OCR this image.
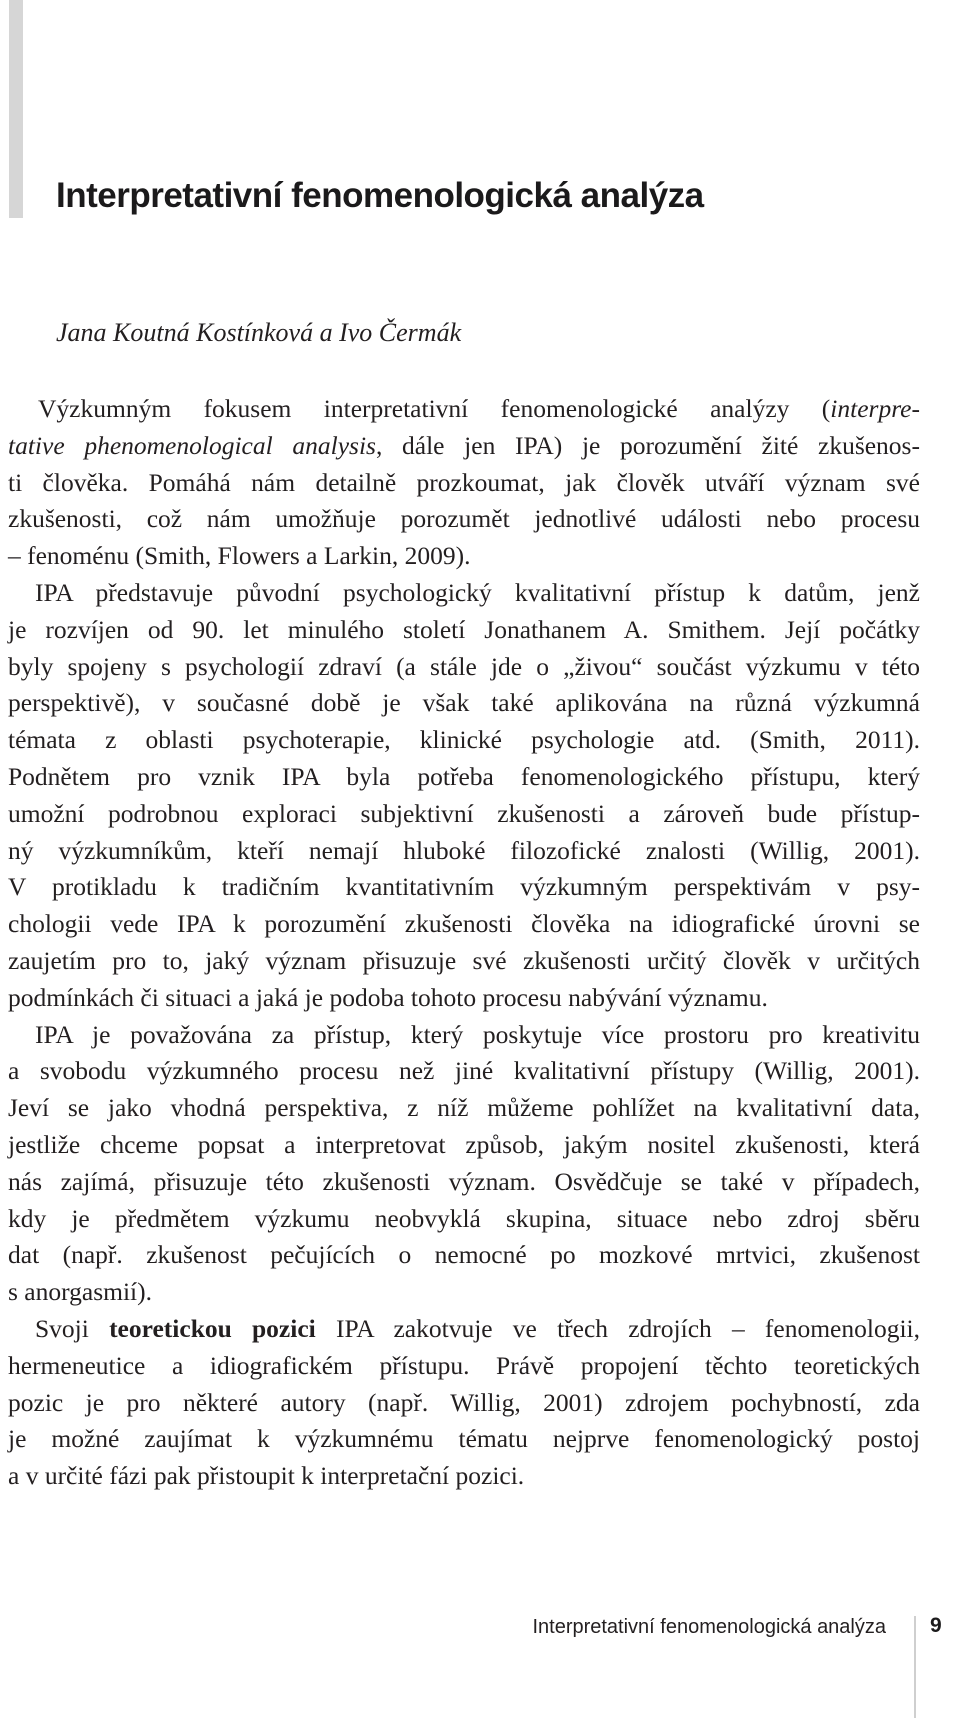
Interpretativní fenomenologická analýza

Jana Koutná Kostínková a Ivo Čermák

Výzkumným fokusem interpretativní fenomenologické analýzy (interpre-
tative phenomenological analysis, dále jen IPA) je porozumění žité zkušenos-
ti člověka. Pomáhá nám detailně prozkoumat, jak člověk utváří význam své
zkušenosti, což nám umožňuje porozumět jednotlivé události nebo procesu
– fenoménu (Smith, Flowers a Larkin, 2009).
IPA představuje původní psychologický kvalitativní přístup k datům, jenž
je rozvíjen od 90. let minulého století Jonathanem A. Smithem. Její počátky
byly spojeny s psychologií zdraví (a stále jde o „živou“ součást výzkumu v této
perspektivě), v současné době je však také aplikována na různá výzkumná
témata z oblasti psychoterapie, klinické psychologie atd. (Smith, 2011).
Podnětem pro vznik IPA byla potřeba fenomenologického přístupu, který
umožní podrobnou exploraci subjektivní zkušenosti a zároveň bude přístup-
ný výzkumníkům, kteří nemají hluboké filozofické znalosti (Willig, 2001).
V protikladu k tradičním kvantitativním výzkumným perspektivám v psy-
chologii vede IPA k porozumění zkušenosti člověka na idiografické úrovni se
zaujetím pro to, jaký význam přisuzuje své zkušenosti určitý člověk v určitých
podmínkách či situaci a jaká je podoba tohoto procesu nabývání významu.
IPA je považována za přístup, který poskytuje více prostoru pro kreativitu
a svobodu výzkumného procesu než jiné kvalitativní přístupy (Willig, 2001).
Jeví se jako vhodná perspektiva, z níž můžeme pohlížet na kvalitativní data,
jestliže chceme popsat a interpretovat způsob, jakým nositel zkušenosti, která
nás zajímá, přisuzuje této zkušenosti význam. Osvědčuje se také v případech,
kdy je předmětem výzkumu neobvyklá skupina, situace nebo zdroj sběru
dat (např. zkušenost pečujících o nemocné po mozkové mrtvici, zkušenost
s anorgasmií).
Svoji teoretickou pozici IPA zakotvuje ve třech zdrojích – fenomenologii,
hermeneutice a idiografickém přístupu. Právě propojení těchto teoretických
pozic je pro některé autory (např. Willig, 2001) zdrojem pochybností, zda
je možné zaujímat k výzkumnému tématu nejprve fenomenologický postoj
a v určité fázi pak přistoupit k interpretační pozici.
Interpretativní fenomenologická analýza 9
